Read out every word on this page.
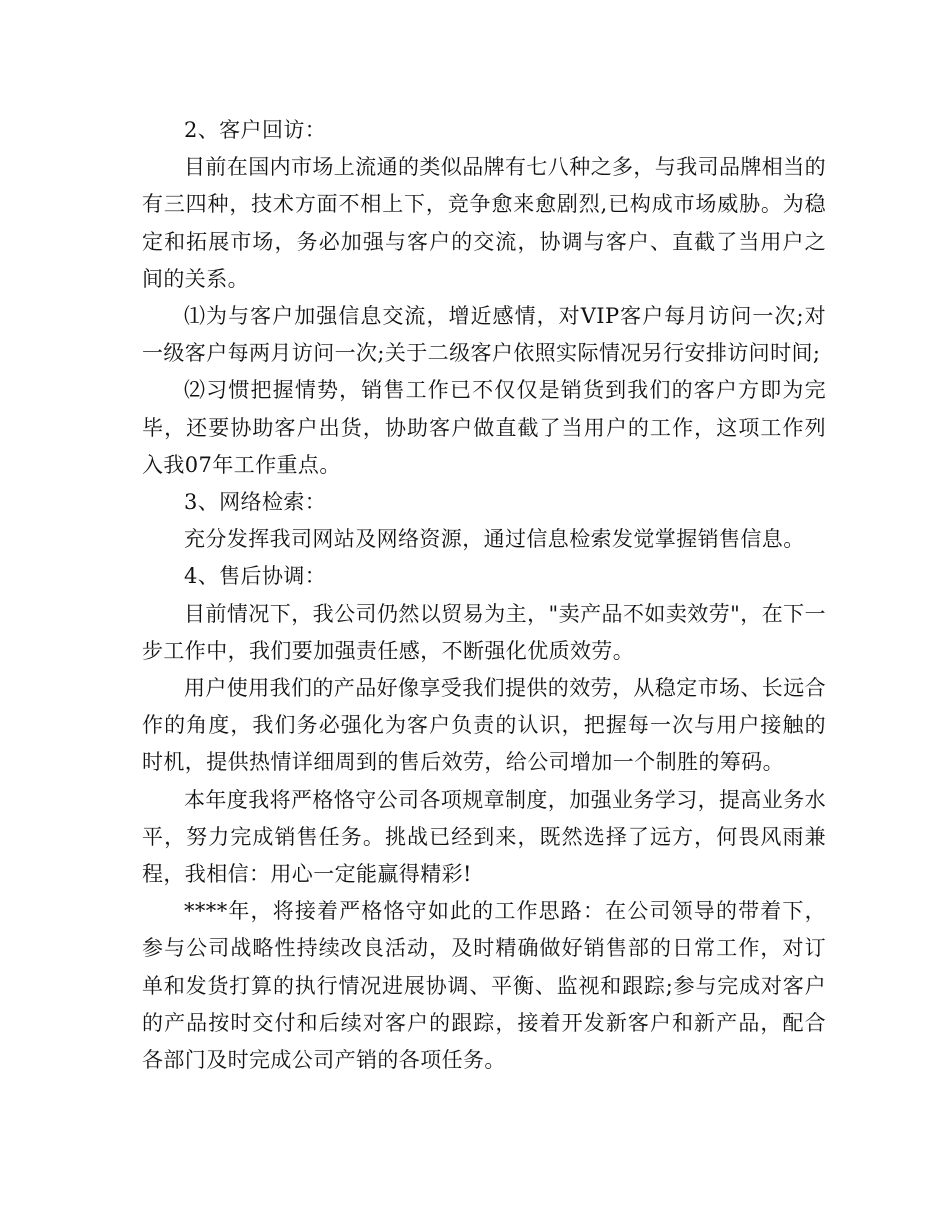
2、客户回访：

目前在国内市场上流通的类似品牌有七八种之多，与我司品牌相当的有三四种，技术方面不相上下，竞争愈来愈剧烈,已构成市场威胁。为稳定和拓展市场，务必加强与客户的交流，协调与客户、直截了当用户之间的关系。

⑴为与客户加强信息交流，增近感情，对VIP客户每月访问一次;对一级客户每两月访问一次;关于二级客户依照实际情况另行安排访问时间;

⑵习惯把握情势，销售工作已不仅仅是销货到我们的客户方即为完毕，还要协助客户出货，协助客户做直截了当用户的工作，这项工作列入我07年工作重点。

3、网络检索：

充分发挥我司网站及网络资源，通过信息检索发觉掌握销售信息。

4、售后协调：

目前情况下，我公司仍然以贸易为主，"卖产品不如卖效劳"，在下一步工作中，我们要加强责任感，不断强化优质效劳。

用户使用我们的产品好像享受我们提供的效劳，从稳定市场、长远合作的角度，我们务必强化为客户负责的认识，把握每一次与用户接触的时机，提供热情详细周到的售后效劳，给公司增加一个制胜的筹码。

本年度我将严格恪守公司各项规章制度，加强业务学习，提高业务水平，努力完成销售任务。挑战已经到来，既然选择了远方，何畏风雨兼程，我相信：用心一定能赢得精彩!

****年，将接着严格恪守如此的工作思路：在公司领导的带着下，参与公司战略性持续改良活动，及时精确做好销售部的日常工作，对订单和发货打算的执行情况进展协调、平衡、监视和跟踪;参与完成对客户的产品按时交付和后续对客户的跟踪，接着开发新客户和新产品，配合各部门及时完成公司产销的各项任务。
